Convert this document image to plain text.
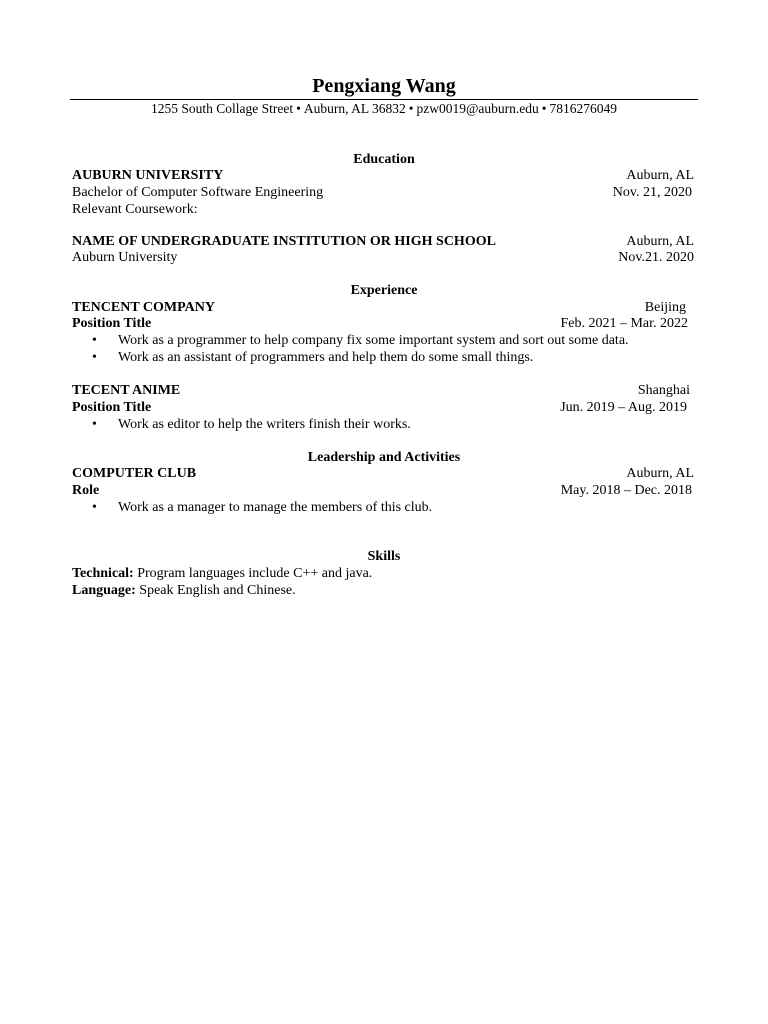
Pengxiang Wang
1255 South Collage Street • Auburn, AL 36832 • pzw0019@auburn.edu • 7816276049
Education
AUBURN UNIVERSITY	Auburn, AL
Bachelor of Computer Software Engineering	Nov. 21, 2020
Relevant Coursework:
NAME OF UNDERGRADUATE INSTITUTION OR HIGH SCHOOL	Auburn, AL
Auburn University	Nov.21. 2020
Experience
TENCENT COMPANY	Beijing
Position Title	Feb. 2021 – Mar. 2022
• Work as a programmer to help company fix some important system and sort out some data.
• Work as an assistant of programmers and help them do some small things.
TECENT ANIME	Shanghai
Position Title	Jun. 2019 – Aug. 2019
• Work as editor to help the writers finish their works.
Leadership and Activities
COMPUTER CLUB	Auburn, AL
Role	May. 2018 – Dec. 2018
• Work as a manager to manage the members of this club.
Skills
Technical: Program languages include C++ and java.
Language: Speak English and Chinese.
